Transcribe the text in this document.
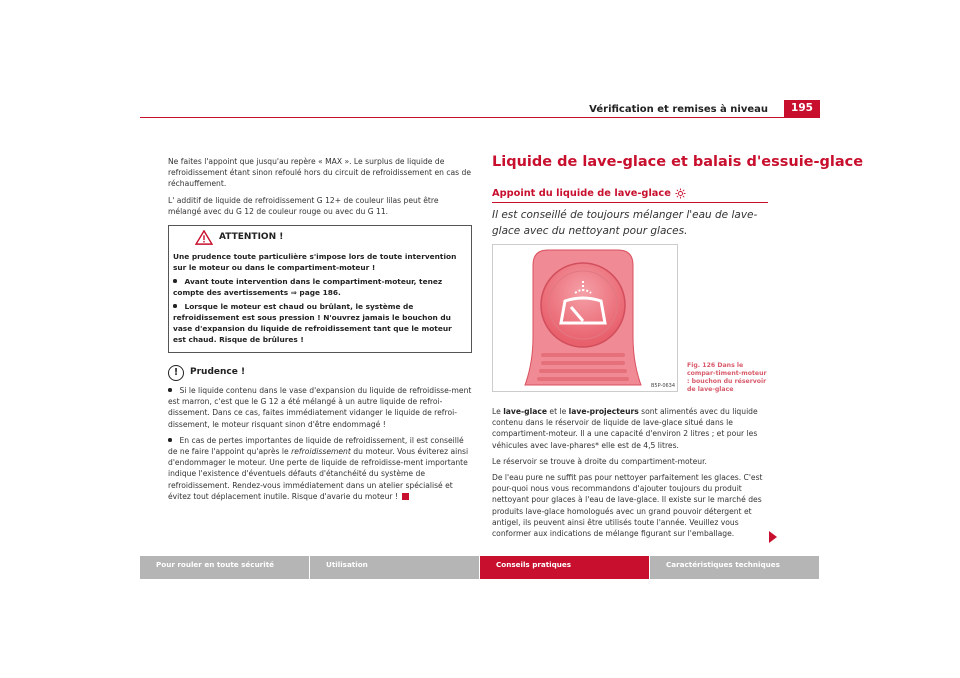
Vérification et remises à niveau	195

Ne faites l'appoint que jusqu'au repère « MAX ». Le surplus de liquide de refroidissement étant sinon refoulé hors du circuit de refroidissement en cas de réchauffement.

L' additif de liquide de refroidissement G 12+ de couleur lilas peut être mélangé avec du G 12 de couleur rouge ou avec du G 11.

ATTENTION !

Une prudence toute particulière s'impose lors de toute intervention sur le moteur ou dans le compartiment-moteur !

Avant toute intervention dans le compartiment-moteur, tenez compte des avertissements ⇒ page 186.

Lorsque le moteur est chaud ou brûlant, le système de refroidissement est sous pression ! N'ouvrez jamais le bouchon du vase d'expansion du liquide de refroidissement tant que le moteur est chaud. Risque de brûlures !

!	Prudence !

Si le liquide contenu dans le vase d'expansion du liquide de refroidisse-ment est marron, c'est que le G 12 a été mélangé à un autre liquide de refroi-dissement. Dans ce cas, faites immédiatement vidanger le liquide de refroi-dissement, le moteur risquant sinon d'être endommagé !

En cas de pertes importantes de liquide de refroidissement, il est conseillé de ne faire l'appoint qu'après le refroidissement du moteur. Vous éviterez ainsi d'endommager le moteur. Une perte de liquide de refroidisse-ment importante indique l'existence d'éventuels défauts d'étanchéité du système de refroidissement. Rendez-vous immédiatement dans un atelier spécialisé et évitez tout déplacement inutile. Risque d'avarie du moteur !

Liquide de lave-glace et balais d'essuie-glace
Appoint du liquide de lave-glace
Il est conseillé de toujours mélanger l'eau de lave-glace avec du nettoyant pour glaces.
B5P-0634
Fig. 126 Dans le compar-timent-moteur : bouchon du réservoir de lave-glace

Le lave-glace et le lave-projecteurs sont alimentés avec du liquide contenu dans le réservoir de liquide de lave-glace situé dans le compartiment-moteur. Il a une capacité d'environ 2 litres ; et pour les véhicules avec lave-phares* elle est de 4,5 litres.

Le réservoir se trouve à droite du compartiment-moteur.

De l'eau pure ne suffit pas pour nettoyer parfaitement les glaces. C'est pour-quoi nous vous recommandons d'ajouter toujours du produit nettoyant pour glaces à l'eau de lave-glace. Il existe sur le marché des produits lave-glace homologués avec un grand pouvoir détergent et antigel, ils peuvent ainsi être utilisés toute l'année. Veuillez vous conformer aux indications de mélange figurant sur l'emballage.

Pour rouler en toute sécurité	Utilisation	Conseils pratiques	Caractéristiques techniques
